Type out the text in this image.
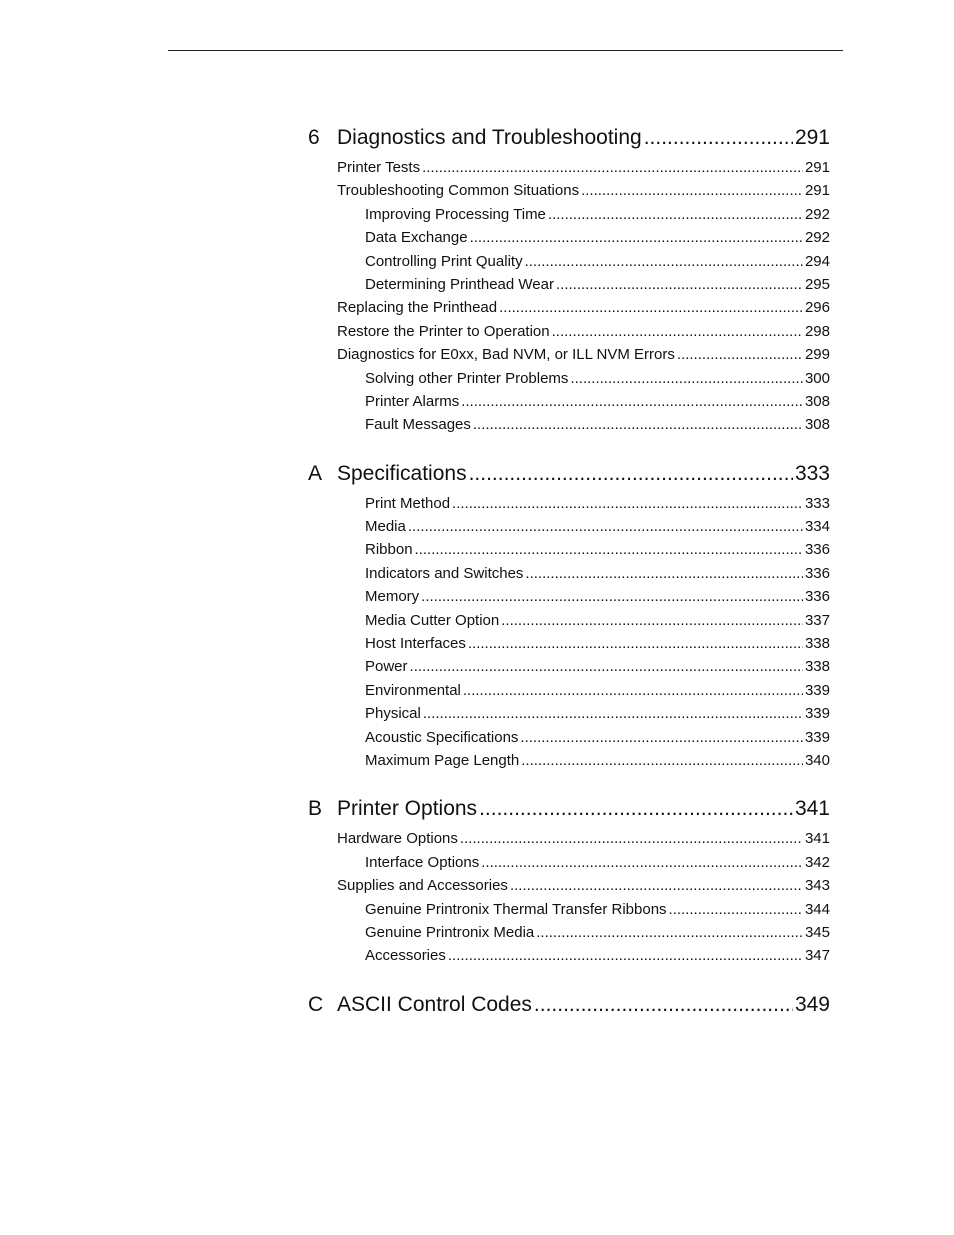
6 Diagnostics and Troubleshooting .....	291
Printer Tests .....	291
Troubleshooting Common Situations .....	291
Improving Processing Time .....	292
Data Exchange .....	292
Controlling Print Quality .....	294
Determining Printhead Wear .....	295
Replacing the Printhead .....	296
Restore the Printer to Operation .....	298
Diagnostics for E0xx, Bad NVM, or ILL NVM Errors .....	299
Solving other Printer Problems .....	300
Printer Alarms .....	308
Fault Messages .....	308
A Specifications .....	333
Print Method .....	333
Media .....	334
Ribbon .....	336
Indicators and Switches .....	336
Memory .....	336
Media Cutter Option .....	337
Host Interfaces .....	338
Power .....	338
Environmental .....	339
Physical .....	339
Acoustic Specifications .....	339
Maximum Page Length .....	340
B Printer Options .....	341
Hardware Options .....	341
Interface Options .....	342
Supplies and Accessories .....	343
Genuine Printronix Thermal Transfer Ribbons .....	344
Genuine Printronix Media .....	345
Accessories .....	347
C ASCII Control Codes .....	349
